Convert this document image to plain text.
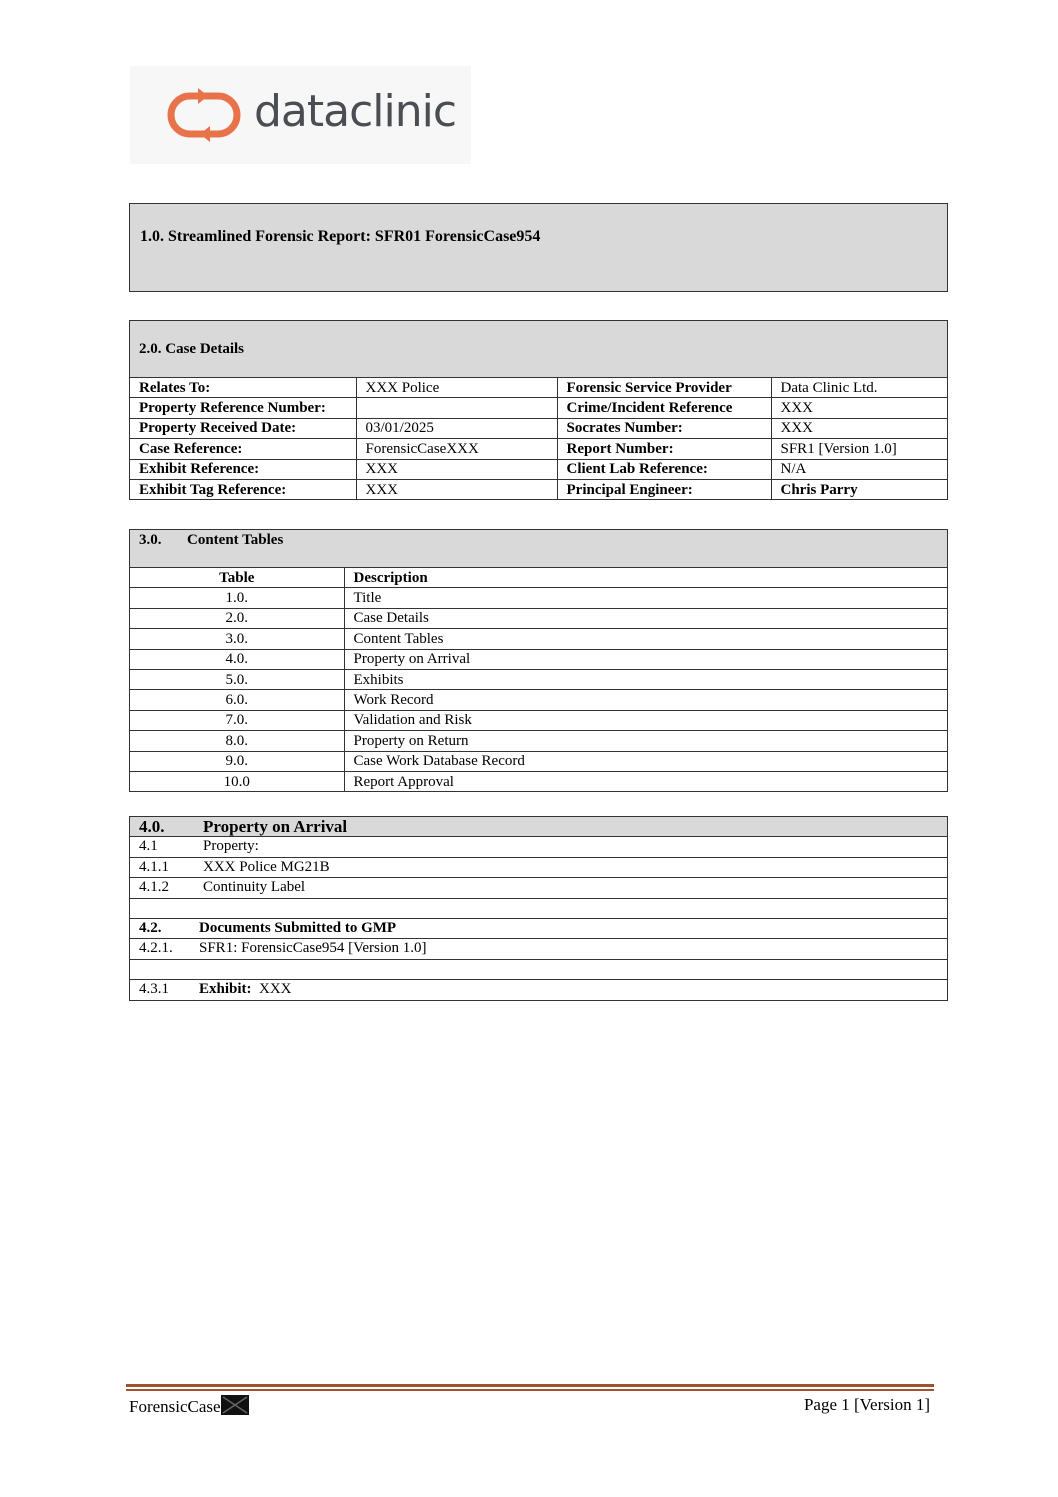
dataclinic
1.0. Streamlined Forensic Report: SFR01 ForensicCase954
2.0. Case Details
Relates To:	XXX Police	Forensic Service Provider	Data Clinic Ltd.
Property Reference Number:		Crime/Incident Reference	XXX
Property Received Date:	03/01/2025	Socrates Number:	XXX
Case Reference:	ForensicCaseXXX	Report Number:	SFR1 [Version 1.0]
Exhibit Reference:	XXX	Client Lab Reference:	N/A
Exhibit Tag Reference:	XXX	Principal Engineer:	Chris Parry
3.0. Content Tables
Table	Description
1.0.	Title
2.0.	Case Details
3.0.	Content Tables
4.0.	Property on Arrival
5.0.	Exhibits
6.0.	Work Record
7.0.	Validation and Risk
8.0.	Property on Return
9.0.	Case Work Database Record
10.0	Report Approval
4.0. Property on Arrival
4.1	Property:
4.1.1 XXX Police MG21B
4.1.2 Continuity Label
4.2.	Documents Submitted to GMP
4.2.1. SFR1: ForensicCase954 [Version 1.0]
4.3.1 Exhibit: XXX
ForensicCase	Page 1 [Version 1]
